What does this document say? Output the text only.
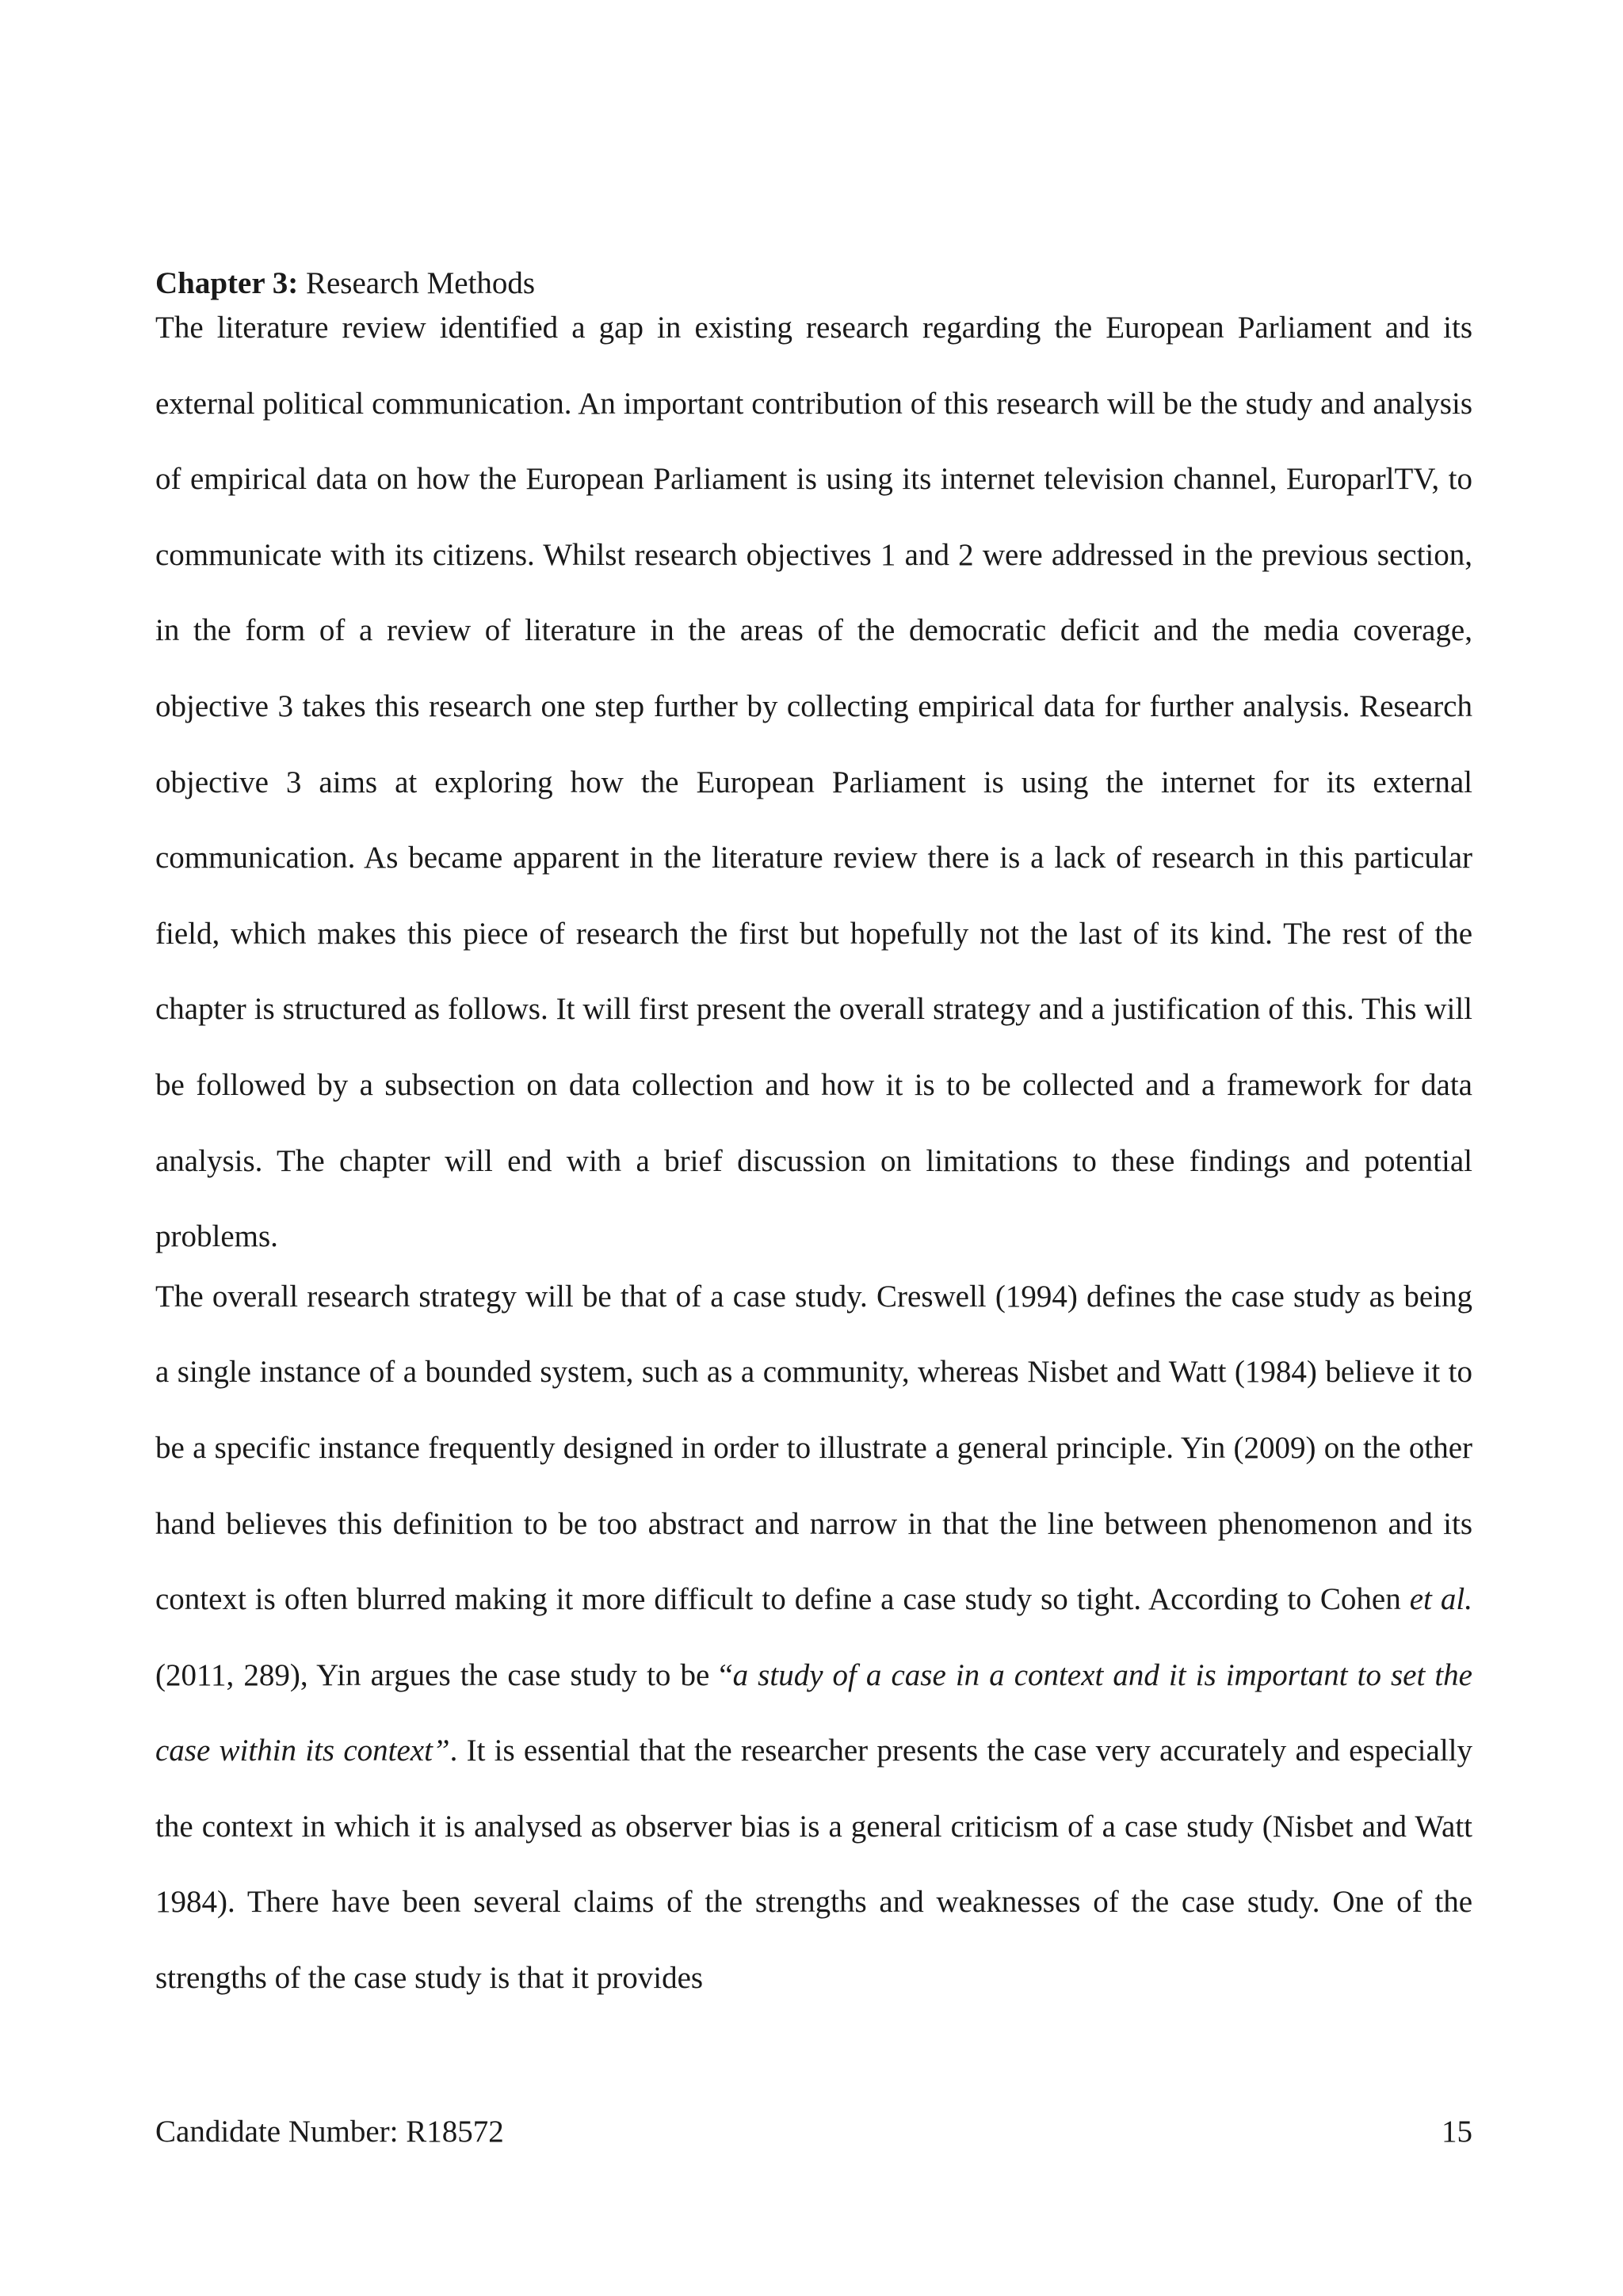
Chapter 3: Research Methods

The literature review identified a gap in existing research regarding the European Parliament and its external political communication. An important contribution of this research will be the study and analysis of empirical data on how the European Parliament is using its internet television channel, EuroparlTV, to communicate with its citizens. Whilst research objectives 1 and 2 were addressed in the previous section, in the form of a review of literature in the areas of the democratic deficit and the media coverage, objective 3 takes this research one step further by collecting empirical data for further analysis. Research objective 3 aims at exploring how the European Parliament is using the internet for its external communication. As became apparent in the literature review there is a lack of research in this particular field, which makes this piece of research the first but hopefully not the last of its kind. The rest of the chapter is structured as follows. It will first present the overall strategy and a justification of this. This will be followed by a subsection on data collection and how it is to be collected and a framework for data analysis. The chapter will end with a brief discussion on limitations to these findings and potential problems.

The overall research strategy will be that of a case study. Creswell (1994) defines the case study as being a single instance of a bounded system, such as a community, whereas Nisbet and Watt (1984) believe it to be a specific instance frequently designed in order to illustrate a general principle. Yin (2009) on the other hand believes this definition to be too abstract and narrow in that the line between phenomenon and its context is often blurred making it more difficult to define a case study so tight. According to Cohen et al. (2011, 289), Yin argues the case study to be “a study of a case in a context and it is important to set the case within its context”. It is essential that the researcher presents the case very accurately and especially the context in which it is analysed as observer bias is a general criticism of a case study (Nisbet and Watt 1984). There have been several claims of the strengths and weaknesses of the case study. One of the strengths of the case study is that it provides

Candidate Number: R18572	15
